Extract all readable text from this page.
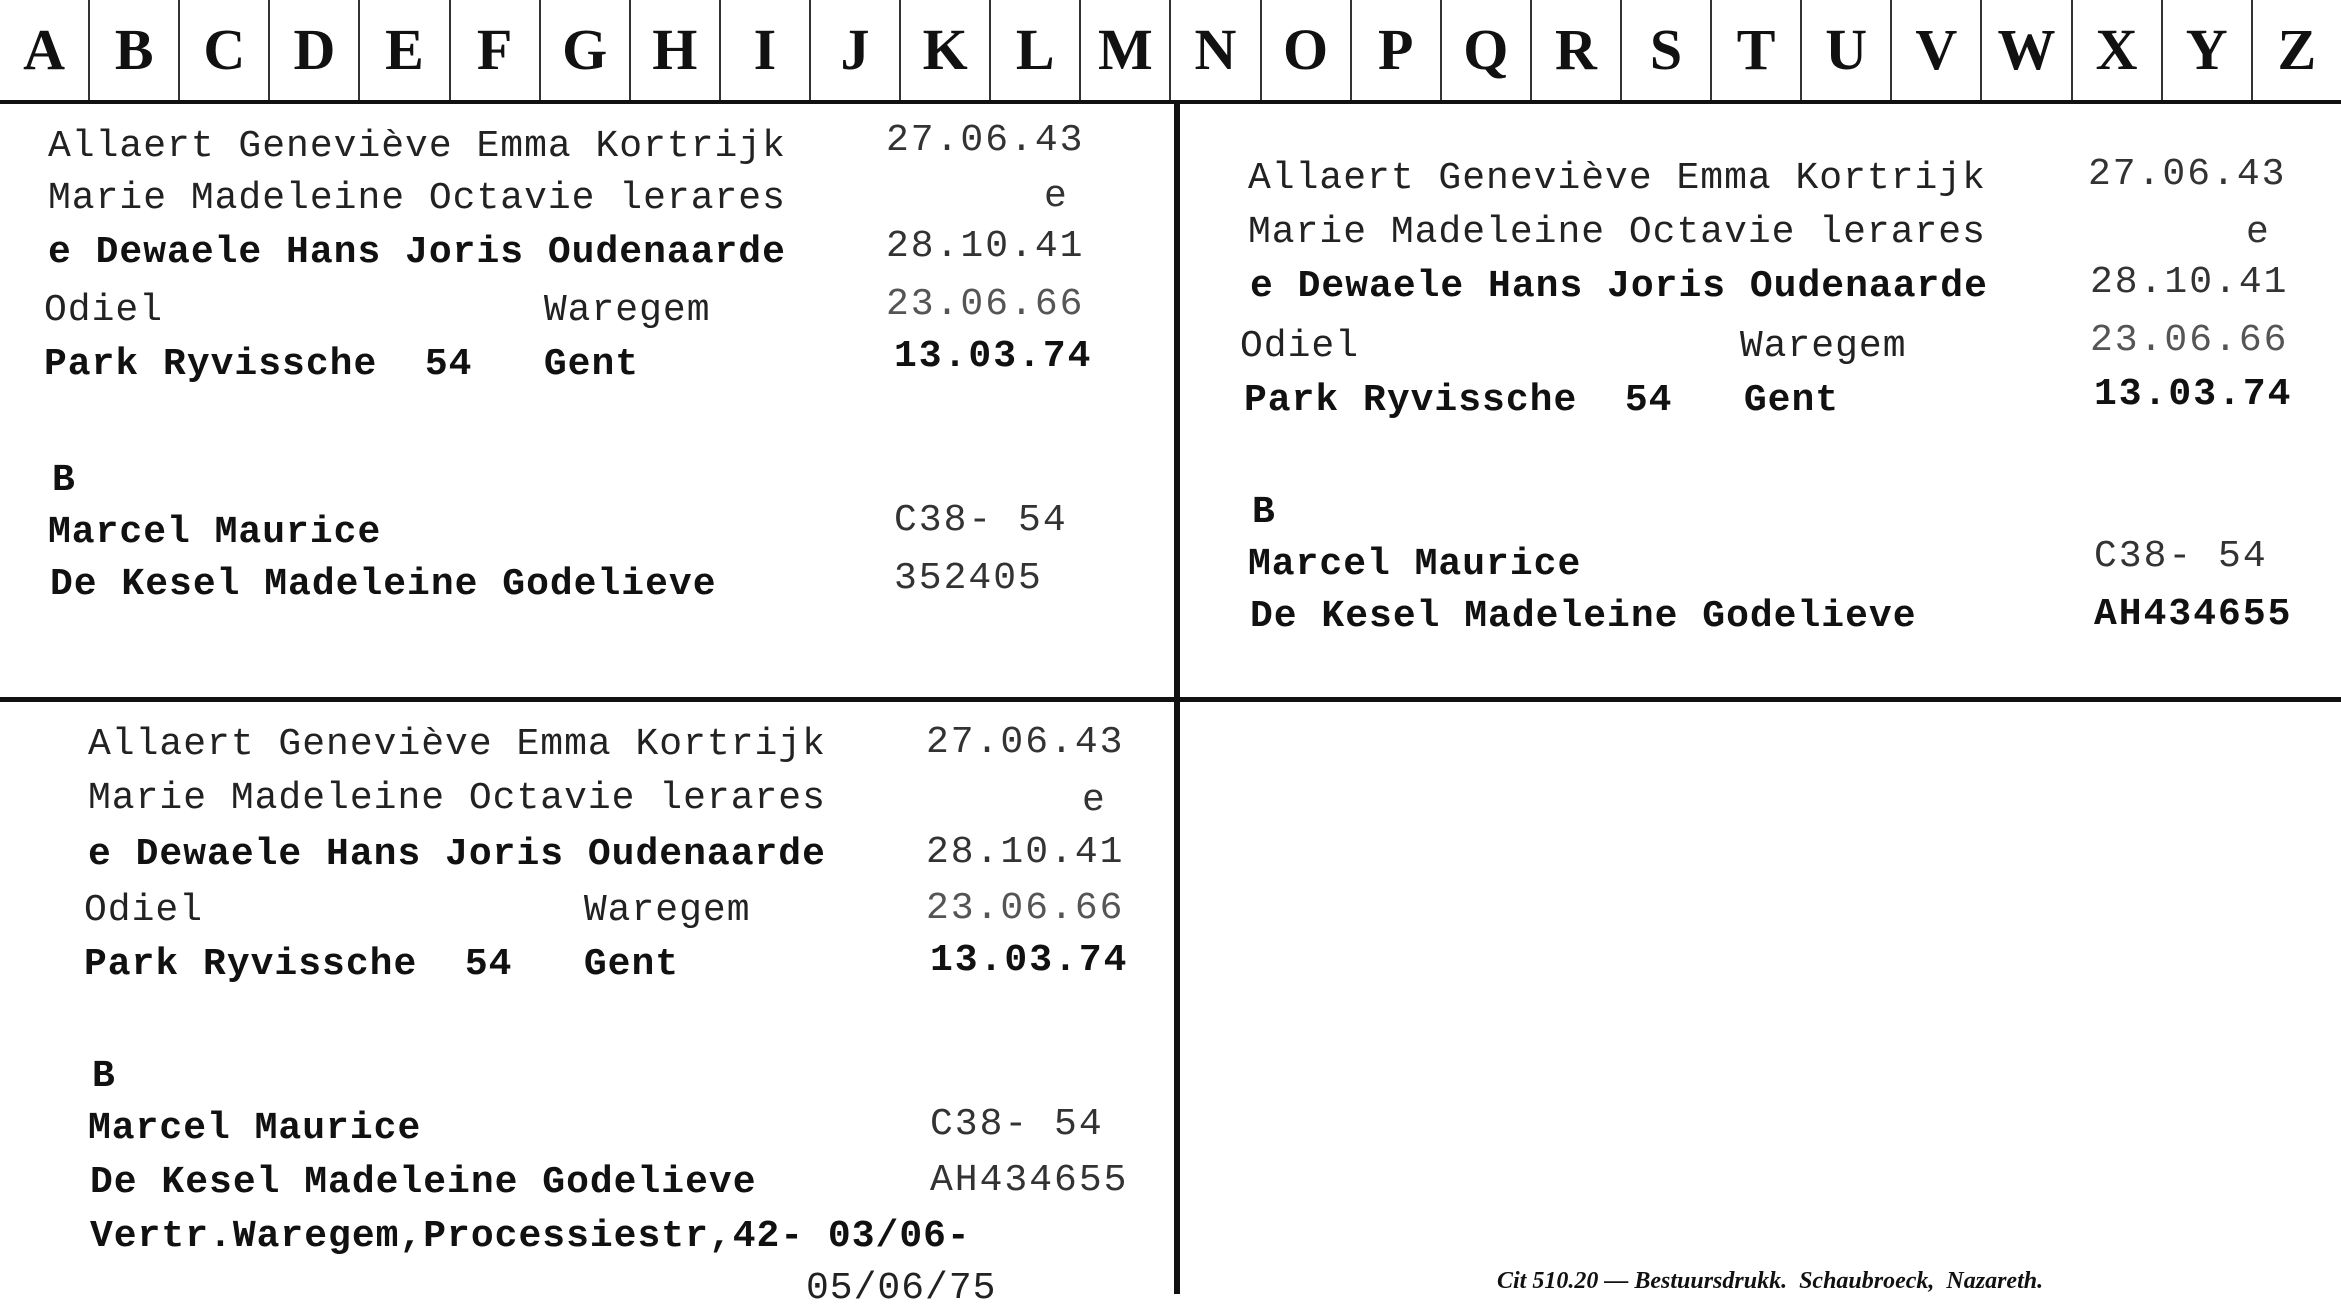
A B C D E F G H I	J K L M N O P Q R S T U V W X Y Z
Allaert Geneviève Emma Kortrijk
Marie Madeleine Octavie lerares
e Dewaele Hans Joris Oudenaarde
Odiel                Waregem
Park Ryvissche  54   Gent
B
Marcel Maurice
De Kesel Madeleine Godelieve
27.06.43
e
28.10.41
23.06.66
13.03.74
C38- 54
352405
Allaert Geneviève Emma Kortrijk
Marie Madeleine Octavie lerares
e Dewaele Hans Joris Oudenaarde
Odiel                Waregem
Park Ryvissche  54   Gent
B
Marcel Maurice
De Kesel Madeleine Godelieve
27.06.43
e
28.10.41
23.06.66
13.03.74
C38- 54
AH434655
Allaert Geneviève Emma Kortrijk
Marie Madeleine Octavie lerares
e Dewaele Hans Joris Oudenaarde
Odiel                Waregem
Park Ryvissche  54   Gent
B
Marcel Maurice
De Kesel Madeleine Godelieve
Vertr.Waregem,Processiestr,42- 03/06-
05/06/75
27.06.43
e
28.10.41
23.06.66
13.03.74
C38- 54
AH434655
Cit 510.20 — Bestuursdrukk.  Schaubroeck,  Nazareth.
